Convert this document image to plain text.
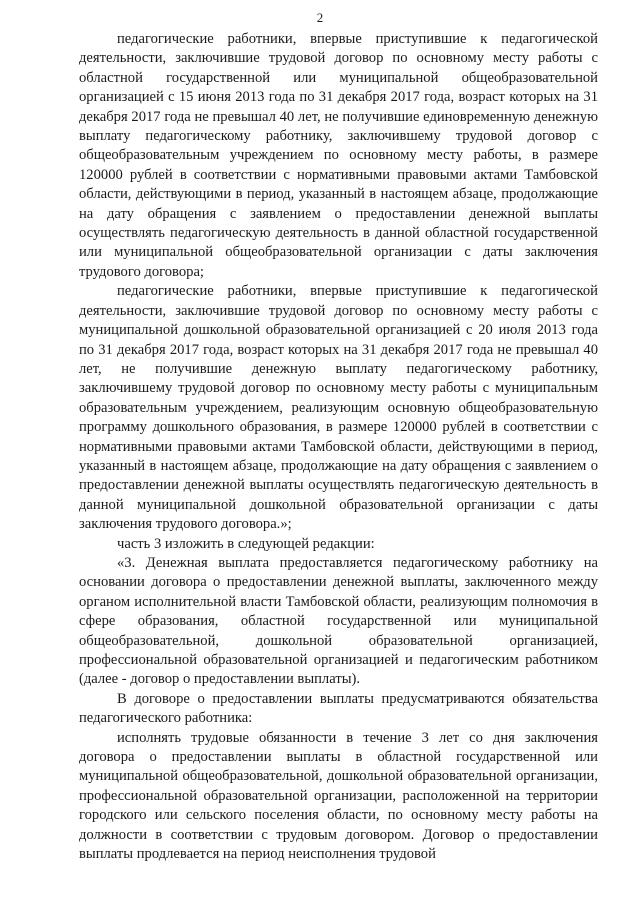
2

педагогические работники, впервые приступившие к педагогической деятельности, заключившие трудовой договор по основному месту работы с областной государственной или муниципальной общеобразовательной организацией с 15 июня 2013 года по 31 декабря 2017 года, возраст которых на 31 декабря 2017 года не превышал 40 лет, не получившие единовременную денежную выплату педагогическому работнику, заключившему трудовой договор с общеобразовательным учреждением по основному месту работы, в размере 120000 рублей в соответствии с нормативными правовыми актами Тамбовской области, действующими в период, указанный в настоящем абзаце, продолжающие на дату обращения с заявлением о предоставлении денежной выплаты осуществлять педагогическую деятельность в данной областной государственной или муниципальной общеобразовательной организации с даты заключения трудового договора;

педагогические работники, впервые приступившие к педагогической деятельности, заключившие трудовой договор по основному месту работы с муниципальной дошкольной образовательной организацией с 20 июля 2013 года по 31 декабря 2017 года, возраст которых на 31 декабря 2017 года не превышал 40 лет, не получившие денежную выплату педагогическому работнику, заключившему трудовой договор по основному месту работы с муниципальным образовательным учреждением, реализующим основную общеобразовательную программу дошкольного образования, в размере 120000 рублей в соответствии с нормативными правовыми актами Тамбовской области, действующими в период, указанный в настоящем абзаце, продолжающие на дату обращения с заявлением о предоставлении денежной выплаты осуществлять педагогическую деятельность в данной муниципальной дошкольной образовательной организации с даты заключения трудового договора.»;

часть 3 изложить в следующей редакции:

«3. Денежная выплата предоставляется педагогическому работнику на основании договора о предоставлении денежной выплаты, заключенного между органом исполнительной власти Тамбовской области, реализующим полномочия в сфере образования, областной государственной или муниципальной общеобразовательной, дошкольной образовательной организацией, профессиональной образовательной организацией и педагогическим работником (далее - договор о предоставлении выплаты).

В договоре о предоставлении выплаты предусматриваются обязательства педагогического работника:

исполнять трудовые обязанности в течение 3 лет со дня заключения договора о предоставлении выплаты в областной государственной или муниципальной общеобразовательной, дошкольной образовательной организации, профессиональной образовательной организации, расположенной на территории городского или сельского поселения области, по основному месту работы на должности в соответствии с трудовым договором. Договор о предоставлении выплаты продлевается на период неисполнения трудовой
